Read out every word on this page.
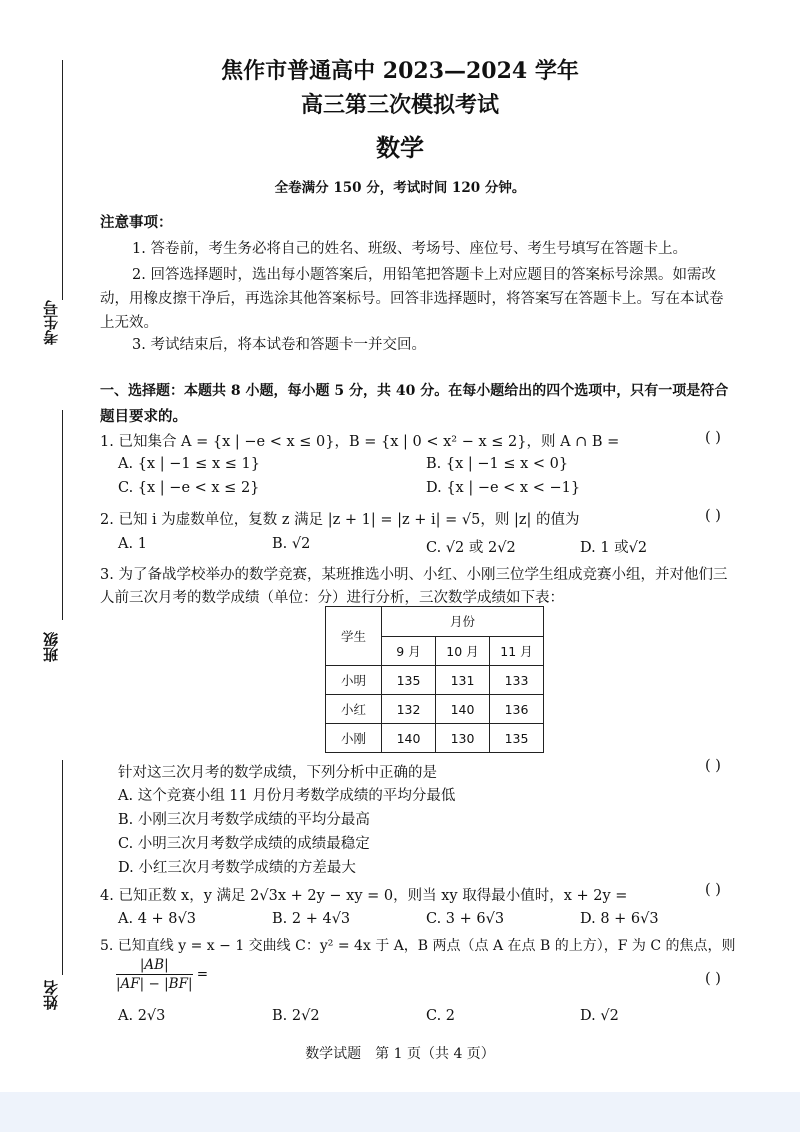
考生号
班级
姓名
焦作市普通高中 2023—2024 学年
高三第三次模拟考试
数学
全卷满分 150 分，考试时间 120 分钟。
注意事项：
1. 答卷前，考生务必将自己的姓名、班级、考场号、座位号、考生号填写在答题卡上。
2. 回答选择题时，选出每小题答案后，用铅笔把答题卡上对应题目的答案标号涂黑。如需改
动，用橡皮擦干净后，再选涂其他答案标号。回答非选择题时，将答案写在答题卡上。写在本试卷
上无效。
3. 考试结束后，将本试卷和答题卡一并交回。
一、选择题：本题共 8 小题，每小题 5 分，共 40 分。在每小题给出的四个选项中，只有一项是符合
题目要求的。
1. 已知集合 A = {x | −e < x ≤ 0}，B = {x | 0 < x² − x ≤ 2}，则 A ∩ B =	( )
A. {x | −1 ≤ x ≤ 1}	B. {x | −1 ≤ x < 0}
C. {x | −e < x ≤ 2}	D. {x | −e < x < −1}
2. 已知 i 为虚数单位，复数 z 满足 |z + 1| = |z + i| = √5，则 |z| 的值为	( )
A. 1	B. √2	C. √2 或 2√2	D. 1 或√2
3. 为了备战学校举办的数学竞赛，某班推选小明、小红、小刚三位学生组成竞赛小组，并对他们三
人前三次月考的数学成绩（单位：分）进行分析，三次数学成绩如下表：
学生	月份		
	9 月	10 月	11 月
小明	135	131	133
小红	132	140	136
小刚	140	130	135
针对这三次月考的数学成绩，下列分析中正确的是	( )
A. 这个竞赛小组 11 月份月考数学成绩的平均分最低
B. 小刚三次月考数学成绩的平均分最高
C. 小明三次月考数学成绩的成绩最稳定
D. 小红三次月考数学成绩的方差最大
4. 已知正数 x，y 满足 2√3x + 2y − xy = 0，则当 xy 取得最小值时，x + 2y =	( )
A. 4 + 8√3	B. 2 + 4√3	C. 3 + 6√3	D. 8 + 6√3
5. 已知直线 y = x − 1 交曲线 C：y² = 4x 于 A，B 两点（点 A 在点 B 的上方），F 为 C 的焦点，则
$\frac{|AB|}{|AF| - |BF|}$ =	( )
A. 2√3	B. 2√2	C. 2	D. √2
数学试题　第 1 页（共 4 页）
